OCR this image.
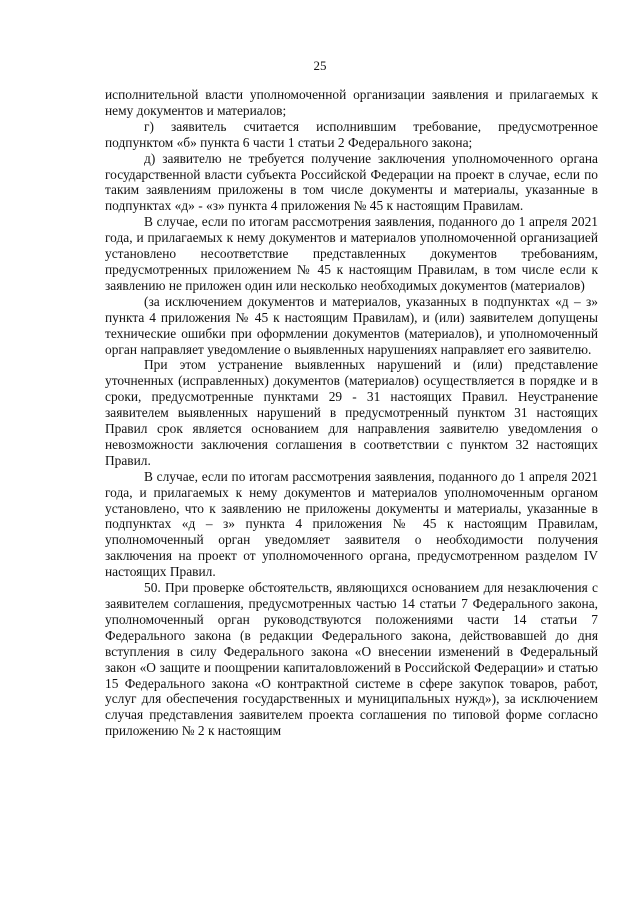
25

исполнительной власти уполномоченной организации заявления и прилагаемых к нему документов и материалов;

г) заявитель считается исполнившим требование, предусмотренное подпунктом «б» пункта 6 части 1 статьи 2 Федерального закона;

д) заявителю не требуется получение заключения уполномоченного органа государственной власти субъекта Российской Федерации на проект в случае, если по таким заявлениям приложены в том числе документы и материалы, указанные в подпунктах «д» - «з» пункта 4 приложения № 45 к настоящим Правилам.

В случае, если по итогам рассмотрения заявления, поданного до 1 апреля 2021 года, и прилагаемых к нему документов и материалов уполномоченной организацией установлено несоответствие представленных документов требованиям, предусмотренных приложением № 45 к настоящим Правилам, в том числе если к заявлению не приложен один или несколько необходимых документов (материалов)

(за исключением документов и материалов, указанных в подпунктах «д – з» пункта 4 приложения № 45 к настоящим Правилам), и (или) заявителем допущены технические ошибки при оформлении документов (материалов), и уполномоченный орган направляет уведомление о выявленных нарушениях направляет его заявителю.

При этом устранение выявленных нарушений и (или) представление уточненных (исправленных) документов (материалов) осуществляется в порядке и в сроки, предусмотренные пунктами 29 - 31 настоящих Правил. Неустранение заявителем выявленных нарушений в предусмотренный пунктом 31 настоящих Правил срок является основанием для направления заявителю уведомления о невозможности заключения соглашения в соответствии с пунктом 32 настоящих Правил.

В случае, если по итогам рассмотрения заявления, поданного до 1 апреля 2021 года, и прилагаемых к нему документов и материалов уполномоченным органом установлено, что к заявлению не приложены документы и материалы, указанные в подпунктах «д – з» пункта 4 приложения № 45 к настоящим Правилам, уполномоченный орган уведомляет заявителя о необходимости получения заключения на проект от уполномоченного органа, предусмотренном разделом IV настоящих Правил.

50. При проверке обстоятельств, являющихся основанием для незаключения с заявителем соглашения, предусмотренных частью 14 статьи 7 Федерального закона, уполномоченный орган руководствуются положениями части 14 статьи 7 Федерального закона (в редакции Федерального закона, действовавшей до дня вступления в силу Федерального закона «О внесении изменений в Федеральный закон «О защите и поощрении капиталовложений в Российской Федерации» и статью 15 Федерального закона «О контрактной системе в сфере закупок товаров, работ, услуг для обеспечения государственных и муниципальных нужд»), за исключением случая представления заявителем проекта соглашения по типовой форме согласно приложению № 2 к настоящим
